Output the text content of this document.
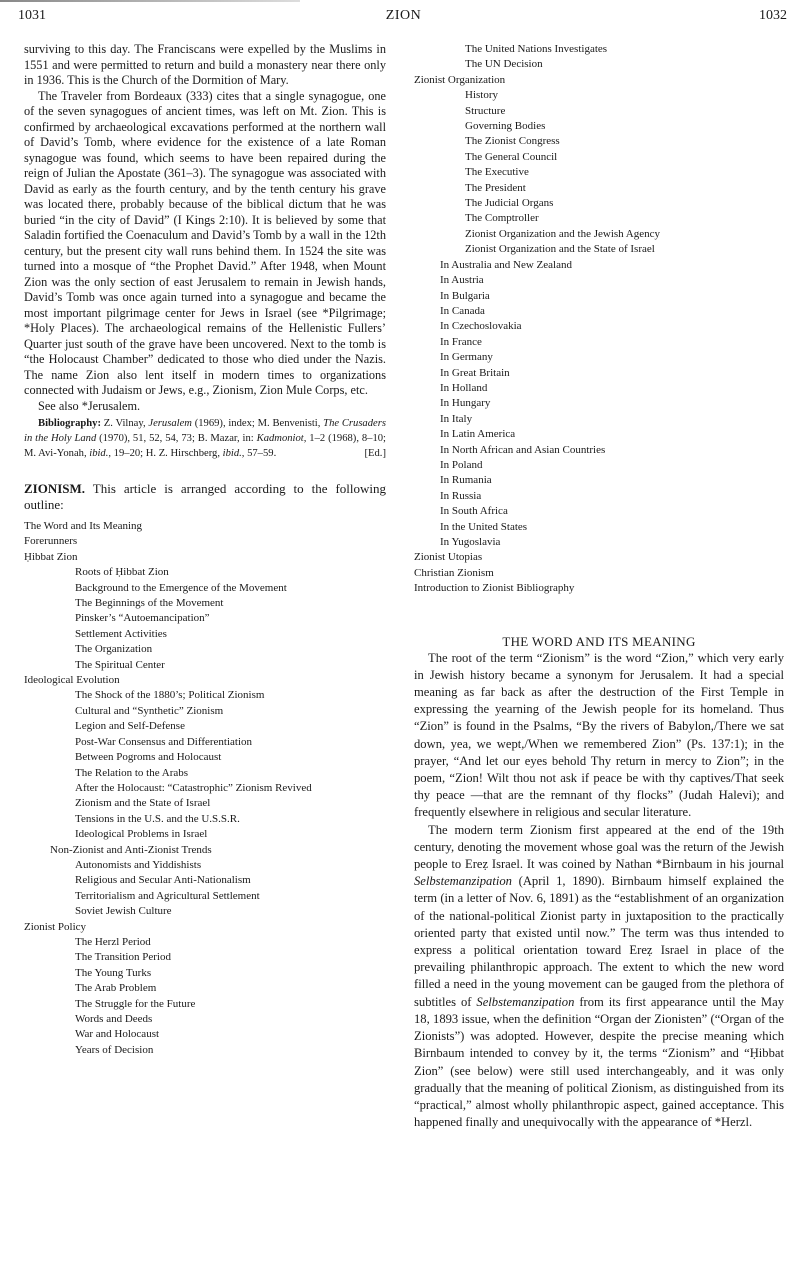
1031	ZION	1032

surviving to this day. The Franciscans were expelled by the Muslims in 1551 and were permitted to return and build a monastery near there only in 1936. This is the Church of the Dormition of Mary.

The Traveler from Bordeaux (333) cites that a single synagogue, one of the seven synagogues of ancient times, was left on Mt. Zion. This is confirmed by archaeological excavations performed at the northern wall of David’s Tomb, where evidence for the existence of a late Roman synagogue was found, which seems to have been repaired during the reign of Julian the Apostate (361–3). The synagogue was associated with David as early as the fourth century, and by the tenth century his grave was located there, probably because of the biblical dictum that he was buried “in the city of David” (I Kings 2:10). It is believed by some that Saladin fortified the Coenaculum and David’s Tomb by a wall in the 12th century, but the present city wall runs behind them. In 1524 the site was turned into a mosque of “the Prophet David.” After 1948, when Mount Zion was the only section of east Jerusalem to remain in Jewish hands, David’s Tomb was once again turned into a synagogue and became the most important pilgrimage center for Jews in Israel (see *Pilgrimage; *Holy Places). The archaeological remains of the Hellenistic Fullers’ Quarter just south of the grave have been uncovered. Next to the tomb is “the Holocaust Chamber” dedicated to those who died under the Nazis. The name Zion also lent itself in modern times to organizations connected with Judaism or Jews, e.g., Zionism, Zion Mule Corps, etc.

See also *Jerusalem.

Bibliography: Z. Vilnay, Jerusalem (1969), index; M. Benvenisti, The Crusaders in the Holy Land (1970), 51, 52, 54, 73; B. Mazar, in: Kadmoniot, 1–2 (1968), 8–10; M. Avi-Yonah, ibid., 19–20; H. Z. Hirschberg, ibid., 57–59.	[Ed.]
ZIONISM. This article is arranged according to the following outline:
The Word and Its Meaning
Forerunners
Ḥibbat Zion
Roots of Ḥibbat Zion
Background to the Emergence of the Movement
The Beginnings of the Movement
Pinsker’s “Autoemancipation”
Settlement Activities
The Organization
The Spiritual Center
Ideological Evolution
The Shock of the 1880’s; Political Zionism
Cultural and “Synthetic” Zionism
Legion and Self-Defense
Post-War Consensus and Differentiation
Between Pogroms and Holocaust
The Relation to the Arabs
After the Holocaust: “Catastrophic” Zionism Revived
Zionism and the State of Israel
Tensions in the U.S. and the U.S.S.R.
Ideological Problems in Israel
Non-Zionist and Anti-Zionist Trends
Autonomists and Yiddishists
Religious and Secular Anti-Nationalism
Territorialism and Agricultural Settlement
Soviet Jewish Culture
Zionist Policy
The Herzl Period
The Transition Period
The Young Turks
The Arab Problem
The Struggle for the Future
Words and Deeds
War and Holocaust
Years of Decision
The United Nations Investigates
The UN Decision
Zionist Organization
History
Structure
Governing Bodies
The Zionist Congress
The General Council
The Executive
The President
The Judicial Organs
The Comptroller
Zionist Organization and the Jewish Agency
Zionist Organization and the State of Israel
In Australia and New Zealand
In Austria
In Bulgaria
In Canada
In Czechoslovakia
In France
In Germany
In Great Britain
In Holland
In Hungary
In Italy
In Latin America
In North African and Asian Countries
In Poland
In Rumania
In Russia
In South Africa
In the United States
In Yugoslavia
Zionist Utopias
Christian Zionism
Introduction to Zionist Bibliography
THE WORD AND ITS MEANING

The root of the term “Zionism” is the word “Zion,” which very early in Jewish history became a synonym for Jerusalem. It had a special meaning as far back as after the destruction of the First Temple in expressing the yearning of the Jewish people for its homeland. Thus “Zion” is found in the Psalms, “By the rivers of Babylon,/There we sat down, yea, we wept,/When we remembered Zion” (Ps. 137:1); in the prayer, “And let our eyes behold Thy return in mercy to Zion”; in the poem, “Zion! Wilt thou not ask if peace be with thy captives/That seek thy peace —that are the remnant of thy flocks” (Judah Halevi); and frequently elsewhere in religious and secular literature.

The modern term Zionism first appeared at the end of the 19th century, denoting the movement whose goal was the return of the Jewish people to Ereẓ Israel. It was coined by Nathan *Birnbaum in his journal Selbstemanzipation (April 1, 1890). Birnbaum himself explained the term (in a letter of Nov. 6, 1891) as the “establishment of an organization of the national-political Zionist party in juxtaposition to the practically oriented party that existed until now.” The term was thus intended to express a political orientation toward Ereẓ Israel in place of the prevailing philanthropic approach. The extent to which the new word filled a need in the young movement can be gauged from the plethora of subtitles of Selbstemanzipation from its first appearance until the May 18, 1893 issue, when the definition “Organ der Zionisten” (“Organ of the Zionists”) was adopted. However, despite the precise meaning which Birnbaum intended to convey by it, the terms “Zionism” and “Ḥibbat Zion” (see below) were still used interchangeably, and it was only gradually that the meaning of political Zionism, as distinguished from its “practical,” almost wholly philanthropic aspect, gained acceptance. This happened finally and unequivocally with the appearance of *Herzl.
